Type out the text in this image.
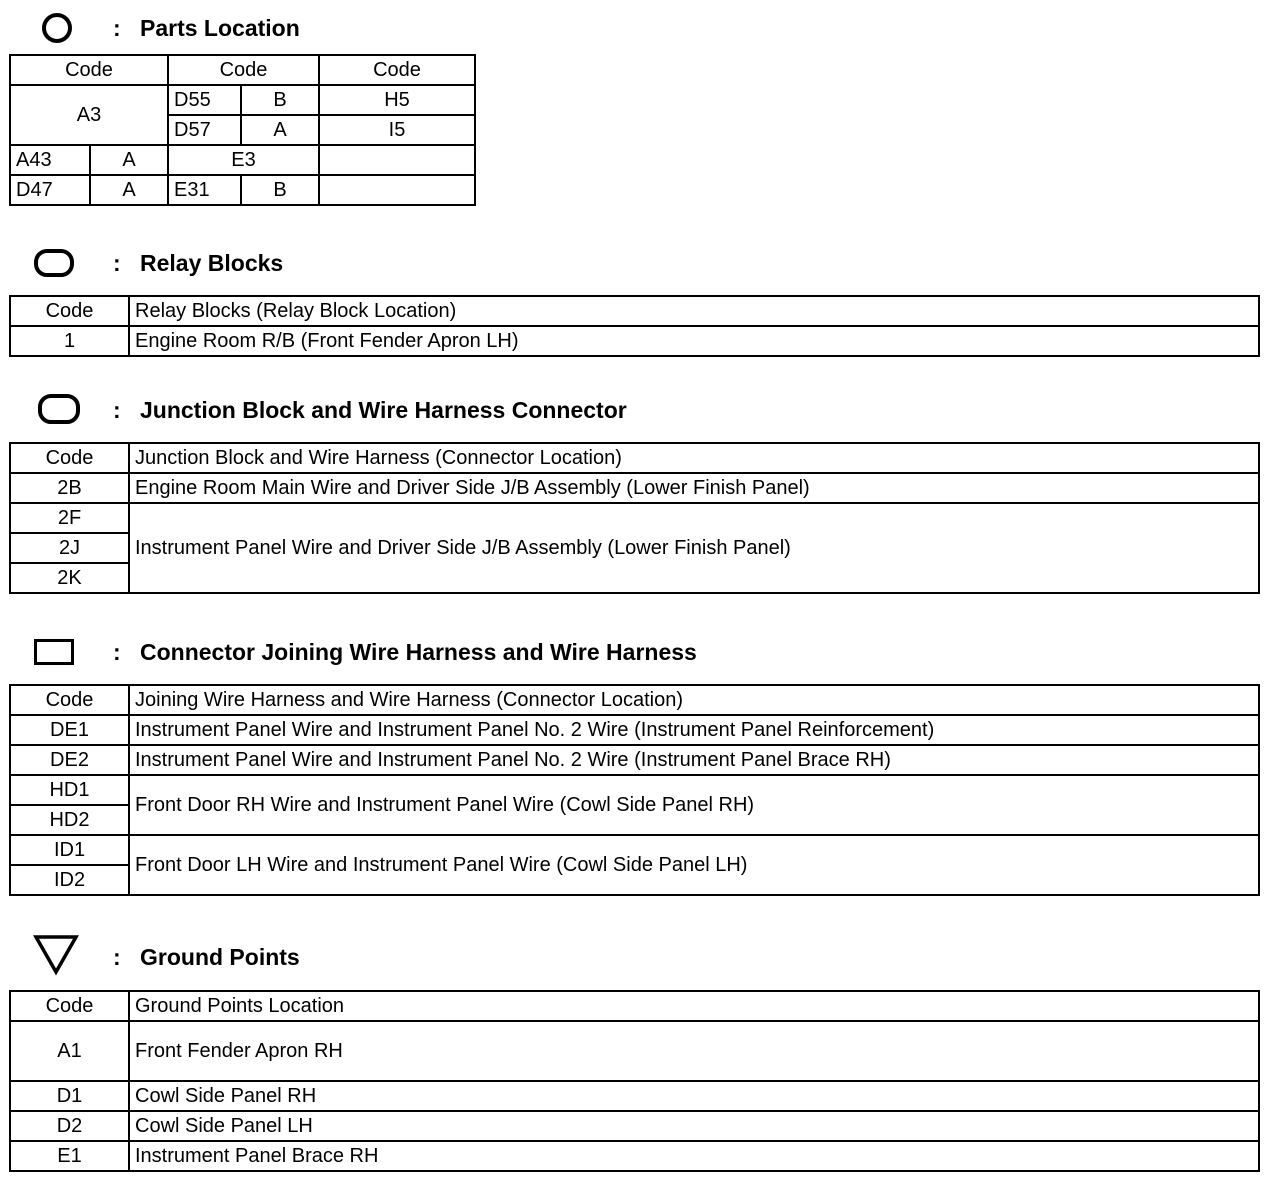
: Parts Location
Code		Code		Code
A3		D55	B	H5
		D57	A	I5
A43	A	E3		
D47	A	E31	B	
: Relay Blocks
Code	Relay Blocks (Relay Block Location)
1	Engine Room R/B (Front Fender Apron LH)
: Junction Block and Wire Harness Connector
Code	Junction Block and Wire Harness (Connector Location)
2B	Engine Room Main Wire and Driver Side J/B Assembly (Lower Finish Panel)
2F	Instrument Panel Wire and Driver Side J/B Assembly (Lower Finish Panel)
2J	
2K	
: Connector Joining Wire Harness and Wire Harness
Code	Joining Wire Harness and Wire Harness (Connector Location)
DE1	Instrument Panel Wire and Instrument Panel No. 2 Wire (Instrument Panel Reinforcement)
DE2	Instrument Panel Wire and Instrument Panel No. 2 Wire (Instrument Panel Brace RH)
HD1	Front Door RH Wire and Instrument Panel Wire (Cowl Side Panel RH)
HD2	
ID1	Front Door LH Wire and Instrument Panel Wire (Cowl Side Panel LH)
ID2	
: Ground Points
Code	Ground Points Location
A1	Front Fender Apron RH
D1	Cowl Side Panel RH
D2	Cowl Side Panel LH
E1	Instrument Panel Brace RH
